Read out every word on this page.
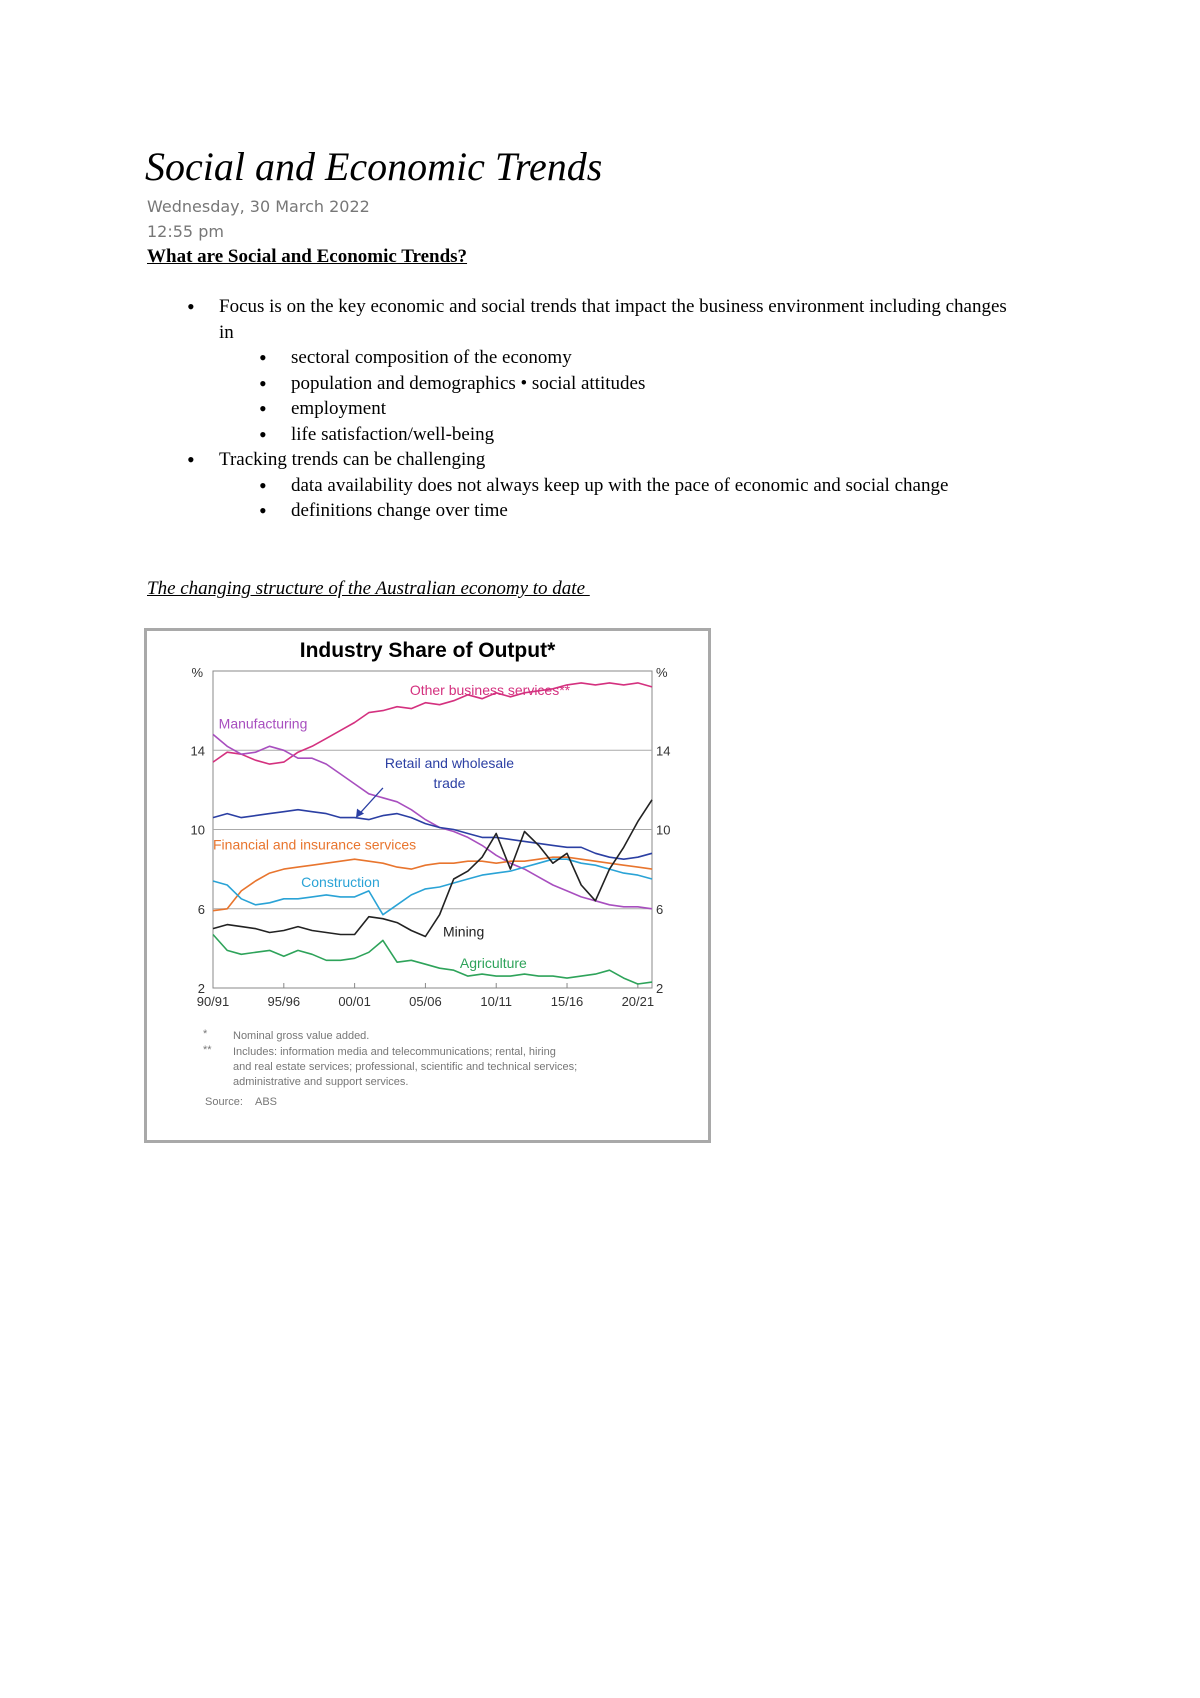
Social and Economic Trends
Wednesday, 30 March 2022
12:55 pm
What are Social and Economic Trends?
• Focus is on the key economic and social trends that impact the business environment including changes in
• sectoral composition of the economy
• population and demographics • social attitudes
• employment
• life satisfaction/well-being
• Tracking trends can be challenging
• data availability does not always keep up with the pace of economic and social change
• definitions change over time
The changing structure of the Australian economy to date
Industry Share of Output*
2	2
6	6
10	10
14	14
%	%
90/91	95/96	00/01	05/06	10/11	15/16	20/21
Other business services**
Manufacturing
Retail and wholesale
trade
Financial and insurance services
Construction
Mining
Agriculture
* Nominal gross value added.
** Includes: information media and telecommunications; rental, hiring
and real estate services; professional, scientific and technical services;
administrative and support services.
Source: ABS
